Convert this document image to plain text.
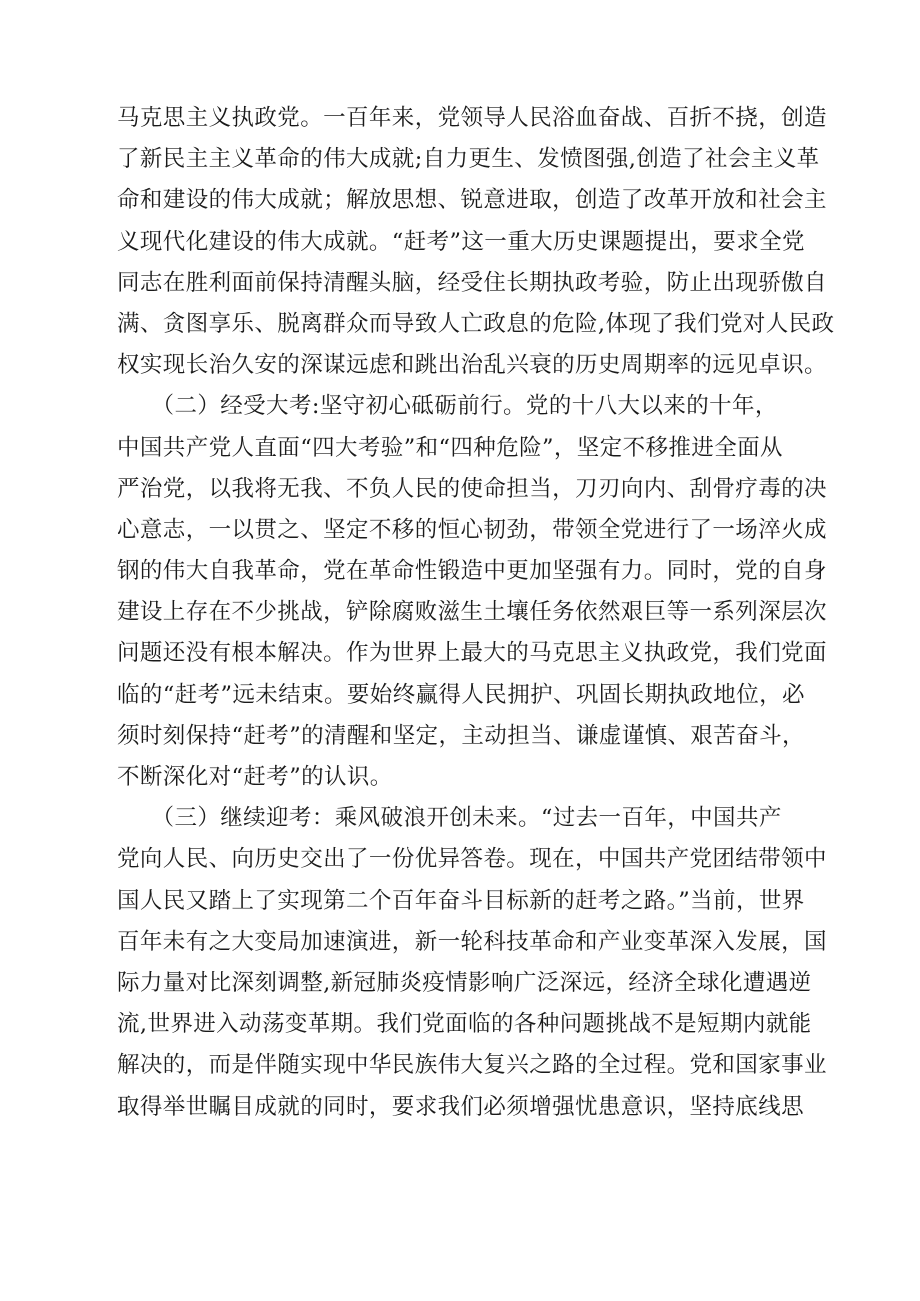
马克思主义执政党。一百年来，党领导人民浴血奋战、百折不挠，创造
了新民主主义革命的伟大成就;自力更生、发愤图强,创造了社会主义革
命和建设的伟大成就；解放思想、锐意进取，创造了改革开放和社会主
义现代化建设的伟大成就。“赶考”这一重大历史课题提出，要求全党
同志在胜利面前保持清醒头脑，经受住长期执政考验，防止出现骄傲自
满、贪图享乐、脱离群众而导致人亡政息的危险,体现了我们党对人民政
权实现长治久安的深谋远虑和跳出治乱兴衰的历史周期率的远见卓识。
　　（二）经受大考:坚守初心砥砺前行。党的十八大以来的十年，
中国共产党人直面“四大考验”和“四种危险”，坚定不移推进全面从
严治党，以我将无我、不负人民的使命担当，刀刃向内、刮骨疗毒的决
心意志，一以贯之、坚定不移的恒心韧劲，带领全党进行了一场淬火成
钢的伟大自我革命，党在革命性锻造中更加坚强有力。同时，党的自身
建设上存在不少挑战，铲除腐败滋生土壤任务依然艰巨等一系列深层次
问题还没有根本解决。作为世界上最大的马克思主义执政党，我们党面
临的“赶考”远未结束。要始终赢得人民拥护、巩固长期执政地位，必
须时刻保持“赶考”的清醒和坚定，主动担当、谦虚谨慎、艰苦奋斗，
不断深化对“赶考”的认识。
　　（三）继续迎考：乘风破浪开创未来。“过去一百年，中国共产
党向人民、向历史交出了一份优异答卷。现在，中国共产党团结带领中
国人民又踏上了实现第二个百年奋斗目标新的赶考之路。”当前，世界
百年未有之大变局加速演进，新一轮科技革命和产业变革深入发展，国
际力量对比深刻调整,新冠肺炎疫情影响广泛深远，经济全球化遭遇逆
流,世界进入动荡变革期。我们党面临的各种问题挑战不是短期内就能
解决的，而是伴随实现中华民族伟大复兴之路的全过程。党和国家事业
取得举世瞩目成就的同时，要求我们必须增强忧患意识，坚持底线思
